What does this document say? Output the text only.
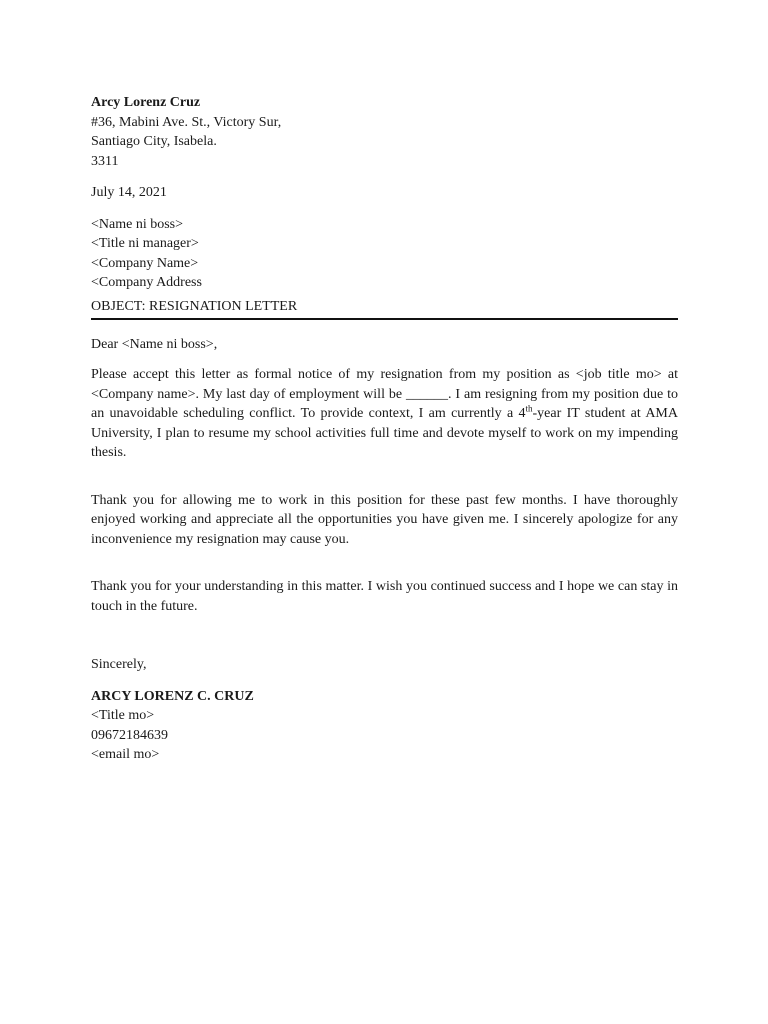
Arcy Lorenz Cruz
#36, Mabini Ave. St., Victory Sur,
Santiago City, Isabela.
3311
July 14, 2021
<Name ni boss>
<Title ni manager>
<Company Name>
<Company Address
OBJECT: RESIGNATION LETTER
Dear <Name ni boss>,

Please accept this letter as formal notice of my resignation from my position as <job title mo> at <Company name>. My last day of employment will be ______. I am resigning from my position due to an unavoidable scheduling conflict. To provide context, I am currently a 4th-year IT student at AMA University, I plan to resume my school activities full time and devote myself to work on my impending thesis.

Thank you for allowing me to work in this position for these past few months. I have thoroughly enjoyed working and appreciate all the opportunities you have given me. I sincerely apologize for any inconvenience my resignation may cause you.

Thank you for your understanding in this matter. I wish you continued success and I hope we can stay in touch in the future.

Sincerely,
ARCY LORENZ C. CRUZ
<Title mo>
09672184639
<email mo>
